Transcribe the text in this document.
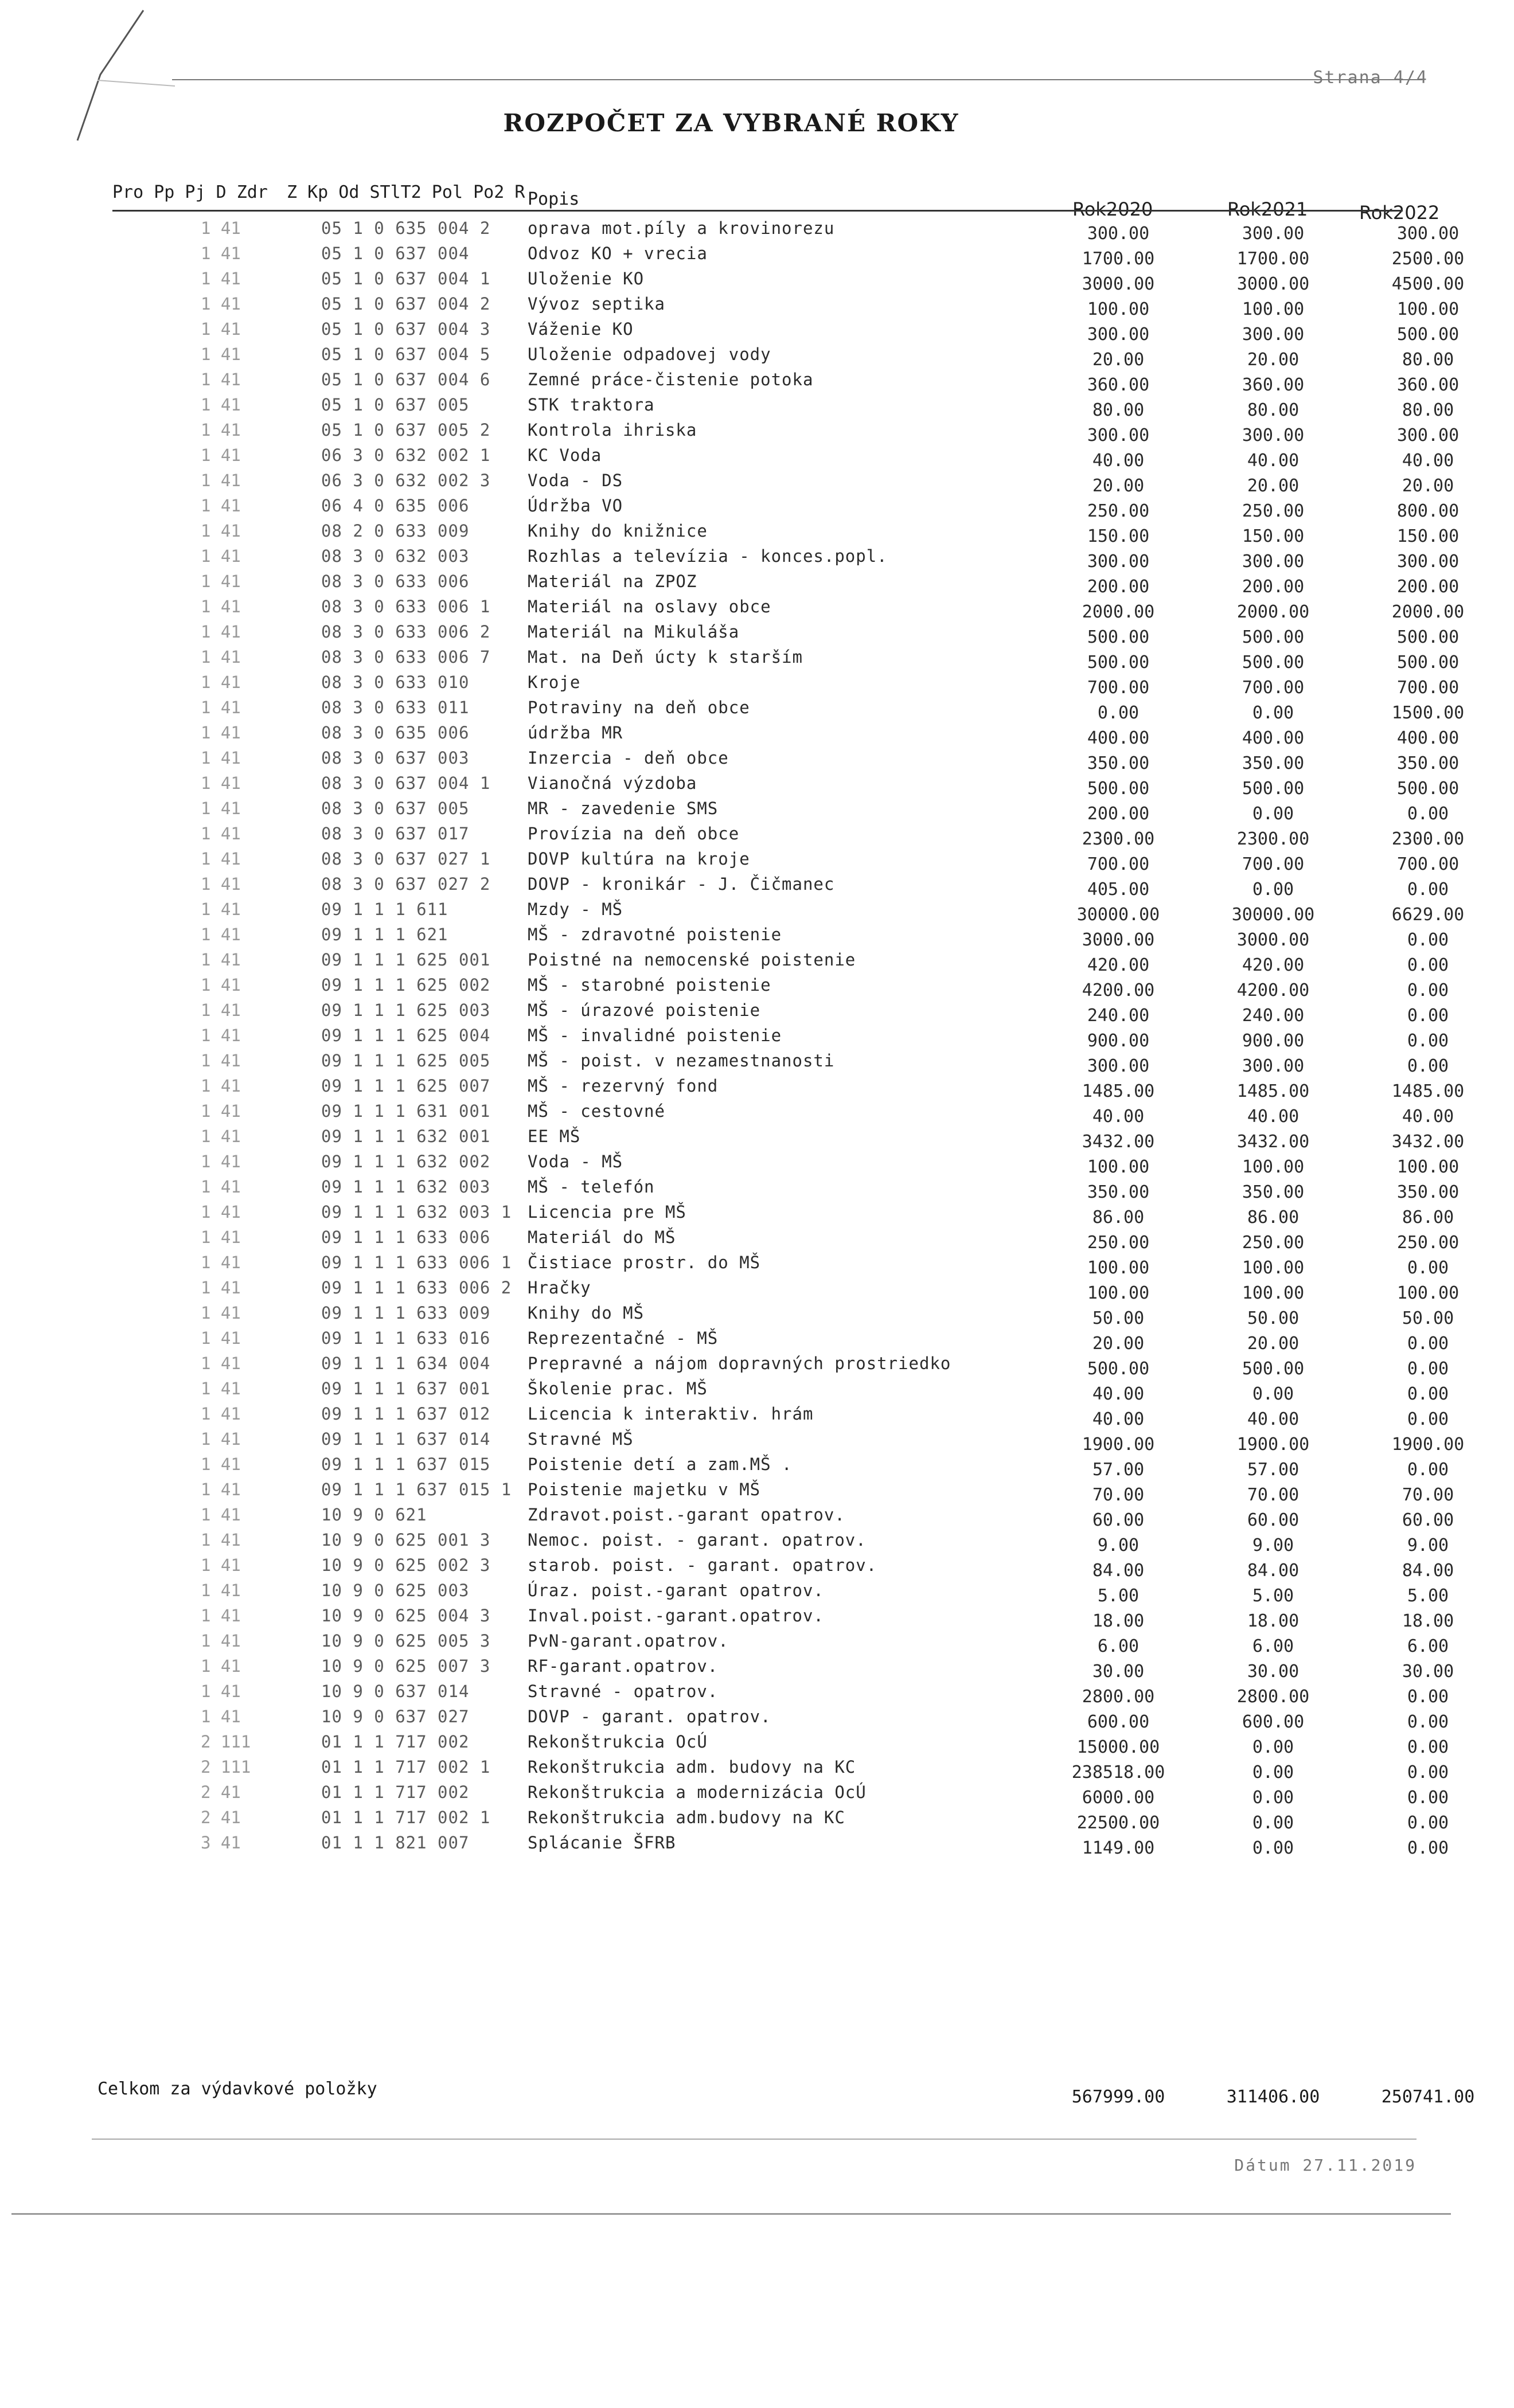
Strana 4/4
ROZPOČET ZA VYBRANÉ ROKY
Pro Pp Pj D Zdr Z Kp Od STlT2 Pol Po2 R Popis	Rok2020	Rok2021	Rok2022
1 41	05 1 0 635 004 2	oprava mot.píly a krovinorezu	300.00	300.00	300.00
1 41	05 1 0 637 004	Odvoz KO + vrecia	1700.00	1700.00	2500.00
1 41	05 1 0 637 004 1	Uloženie KO	3000.00	3000.00	4500.00
1 41	05 1 0 637 004 2	Vývoz septika	100.00	100.00	100.00
1 41	05 1 0 637 004 3	Váženie KO	300.00	300.00	500.00
1 41	05 1 0 637 004 5	Uloženie odpadovej vody	20.00	20.00	80.00
1 41	05 1 0 637 004 6	Zemné práce-čistenie potoka	360.00	360.00	360.00
1 41	05 1 0 637 005	STK traktora	80.00	80.00	80.00
1 41	05 1 0 637 005 2	Kontrola ihriska	300.00	300.00	300.00
1 41	06 3 0 632 002 1	KC Voda	40.00	40.00	40.00
1 41	06 3 0 632 002 3	Voda - DS	20.00	20.00	20.00
1 41	06 4 0 635 006	Údržba VO	250.00	250.00	800.00
1 41	08 2 0 633 009	Knihy do knižnice	150.00	150.00	150.00
1 41	08 3 0 632 003	Rozhlas a televízia - konces.popl.	300.00	300.00	300.00
1 41	08 3 0 633 006	Materiál na ZPOZ	200.00	200.00	200.00
1 41	08 3 0 633 006 1	Materiál na oslavy obce	2000.00	2000.00	2000.00
1 41	08 3 0 633 006 2	Materiál na Mikuláša	500.00	500.00	500.00
1 41	08 3 0 633 006 7	Mat. na Deň úcty k starším	500.00	500.00	500.00
1 41	08 3 0 633 010	Kroje	700.00	700.00	700.00
1 41	08 3 0 633 011	Potraviny na deň obce	0.00	0.00	1500.00
1 41	08 3 0 635 006	údržba MR	400.00	400.00	400.00
1 41	08 3 0 637 003	Inzercia - deň obce	350.00	350.00	350.00
1 41	08 3 0 637 004 1	Vianočná výzdoba	500.00	500.00	500.00
1 41	08 3 0 637 005	MR - zavedenie SMS	200.00	0.00	0.00
1 41	08 3 0 637 017	Provízia na deň obce	2300.00	2300.00	2300.00
1 41	08 3 0 637 027 1	DOVP kultúra na kroje	700.00	700.00	700.00
1 41	08 3 0 637 027 2	DOVP - kronikár - J. Čičmanec	405.00	0.00	0.00
1 41	09 1 1 1 611	Mzdy - MŠ	30000.00	30000.00	6629.00
1 41	09 1 1 1 621	MŠ - zdravotné poistenie	3000.00	3000.00	0.00
1 41	09 1 1 1 625 001	Poistné na nemocenské poistenie	420.00	420.00	0.00
1 41	09 1 1 1 625 002	MŠ - starobné poistenie	4200.00	4200.00	0.00
1 41	09 1 1 1 625 003	MŠ - úrazové poistenie	240.00	240.00	0.00
1 41	09 1 1 1 625 004	MŠ - invalidné poistenie	900.00	900.00	0.00
1 41	09 1 1 1 625 005	MŠ - poist. v nezamestnanosti	300.00	300.00	0.00
1 41	09 1 1 1 625 007	MŠ - rezervný fond	1485.00	1485.00	1485.00
1 41	09 1 1 1 631 001	MŠ - cestovné	40.00	40.00	40.00
1 41	09 1 1 1 632 001	EE MŠ	3432.00	3432.00	3432.00
1 41	09 1 1 1 632 002	Voda - MŠ	100.00	100.00	100.00
1 41	09 1 1 1 632 003	MŠ - telefón	350.00	350.00	350.00
1 41	09 1 1 1 632 003 1 Licencia pre MŠ	86.00	86.00	86.00
1 41	09 1 1 1 633 006	Materiál do MŠ	250.00	250.00	250.00
1 41	09 1 1 1 633 006 1 Čistiace prostr. do MŠ	100.00	100.00	0.00
1 41	09 1 1 1 633 006 2 Hračky	100.00	100.00	100.00
1 41	09 1 1 1 633 009	Knihy do MŠ	50.00	50.00	50.00
1 41	09 1 1 1 633 016	Reprezentačné - MŠ	20.00	20.00	0.00
1 41	09 1 1 1 634 004	Prepravné a nájom dopravných prostriedko	500.00	500.00	0.00
1 41	09 1 1 1 637 001	Školenie prac. MŠ	40.00	0.00	0.00
1 41	09 1 1 1 637 012	Licencia k interaktiv. hrám	40.00	40.00	0.00
1 41	09 1 1 1 637 014	Stravné MŠ	1900.00	1900.00	1900.00
1 41	09 1 1 1 637 015	Poistenie detí a zam.MŠ .	57.00	57.00	0.00
1 41	09 1 1 1 637 015 1 Poistenie majetku v MŠ	70.00	70.00	70.00
1 41	10 9 0 621	Zdravot.poist.-garant opatrov.	60.00	60.00	60.00
1 41	10 9 0 625 001 3	Nemoc. poist. - garant. opatrov.	9.00	9.00	9.00
1 41	10 9 0 625 002 3	starob. poist. - garant. opatrov.	84.00	84.00	84.00
1 41	10 9 0 625 003	Úraz. poist.-garant opatrov.	5.00	5.00	5.00
1 41	10 9 0 625 004 3	Inval.poist.-garant.opatrov.	18.00	18.00	18.00
1 41	10 9 0 625 005 3	PvN-garant.opatrov.	6.00	6.00	6.00
1 41	10 9 0 625 007 3	RF-garant.opatrov.	30.00	30.00	30.00
1 41	10 9 0 637 014	Stravné - opatrov.	2800.00	2800.00	0.00
1 41	10 9 0 637 027	DOVP - garant. opatrov.	600.00	600.00	0.00
2 111	01 1 1 717 002	Rekonštrukcia OcÚ	15000.00	0.00	0.00
2 111	01 1 1 717 002 1	Rekonštrukcia adm. budovy na KC	238518.00	0.00	0.00
2 41	01 1 1 717 002	Rekonštrukcia a modernizácia OcÚ	6000.00	0.00	0.00
2 41	01 1 1 717 002 1	Rekonštrukcia adm.budovy na KC	22500.00	0.00	0.00
3 41	01 1 1 821 007	Splácanie ŠFRB	1149.00	0.00	0.00
Celkom za výdavkové položky	567999.00	311406.00	250741.00
Dátum 27.11.2019
